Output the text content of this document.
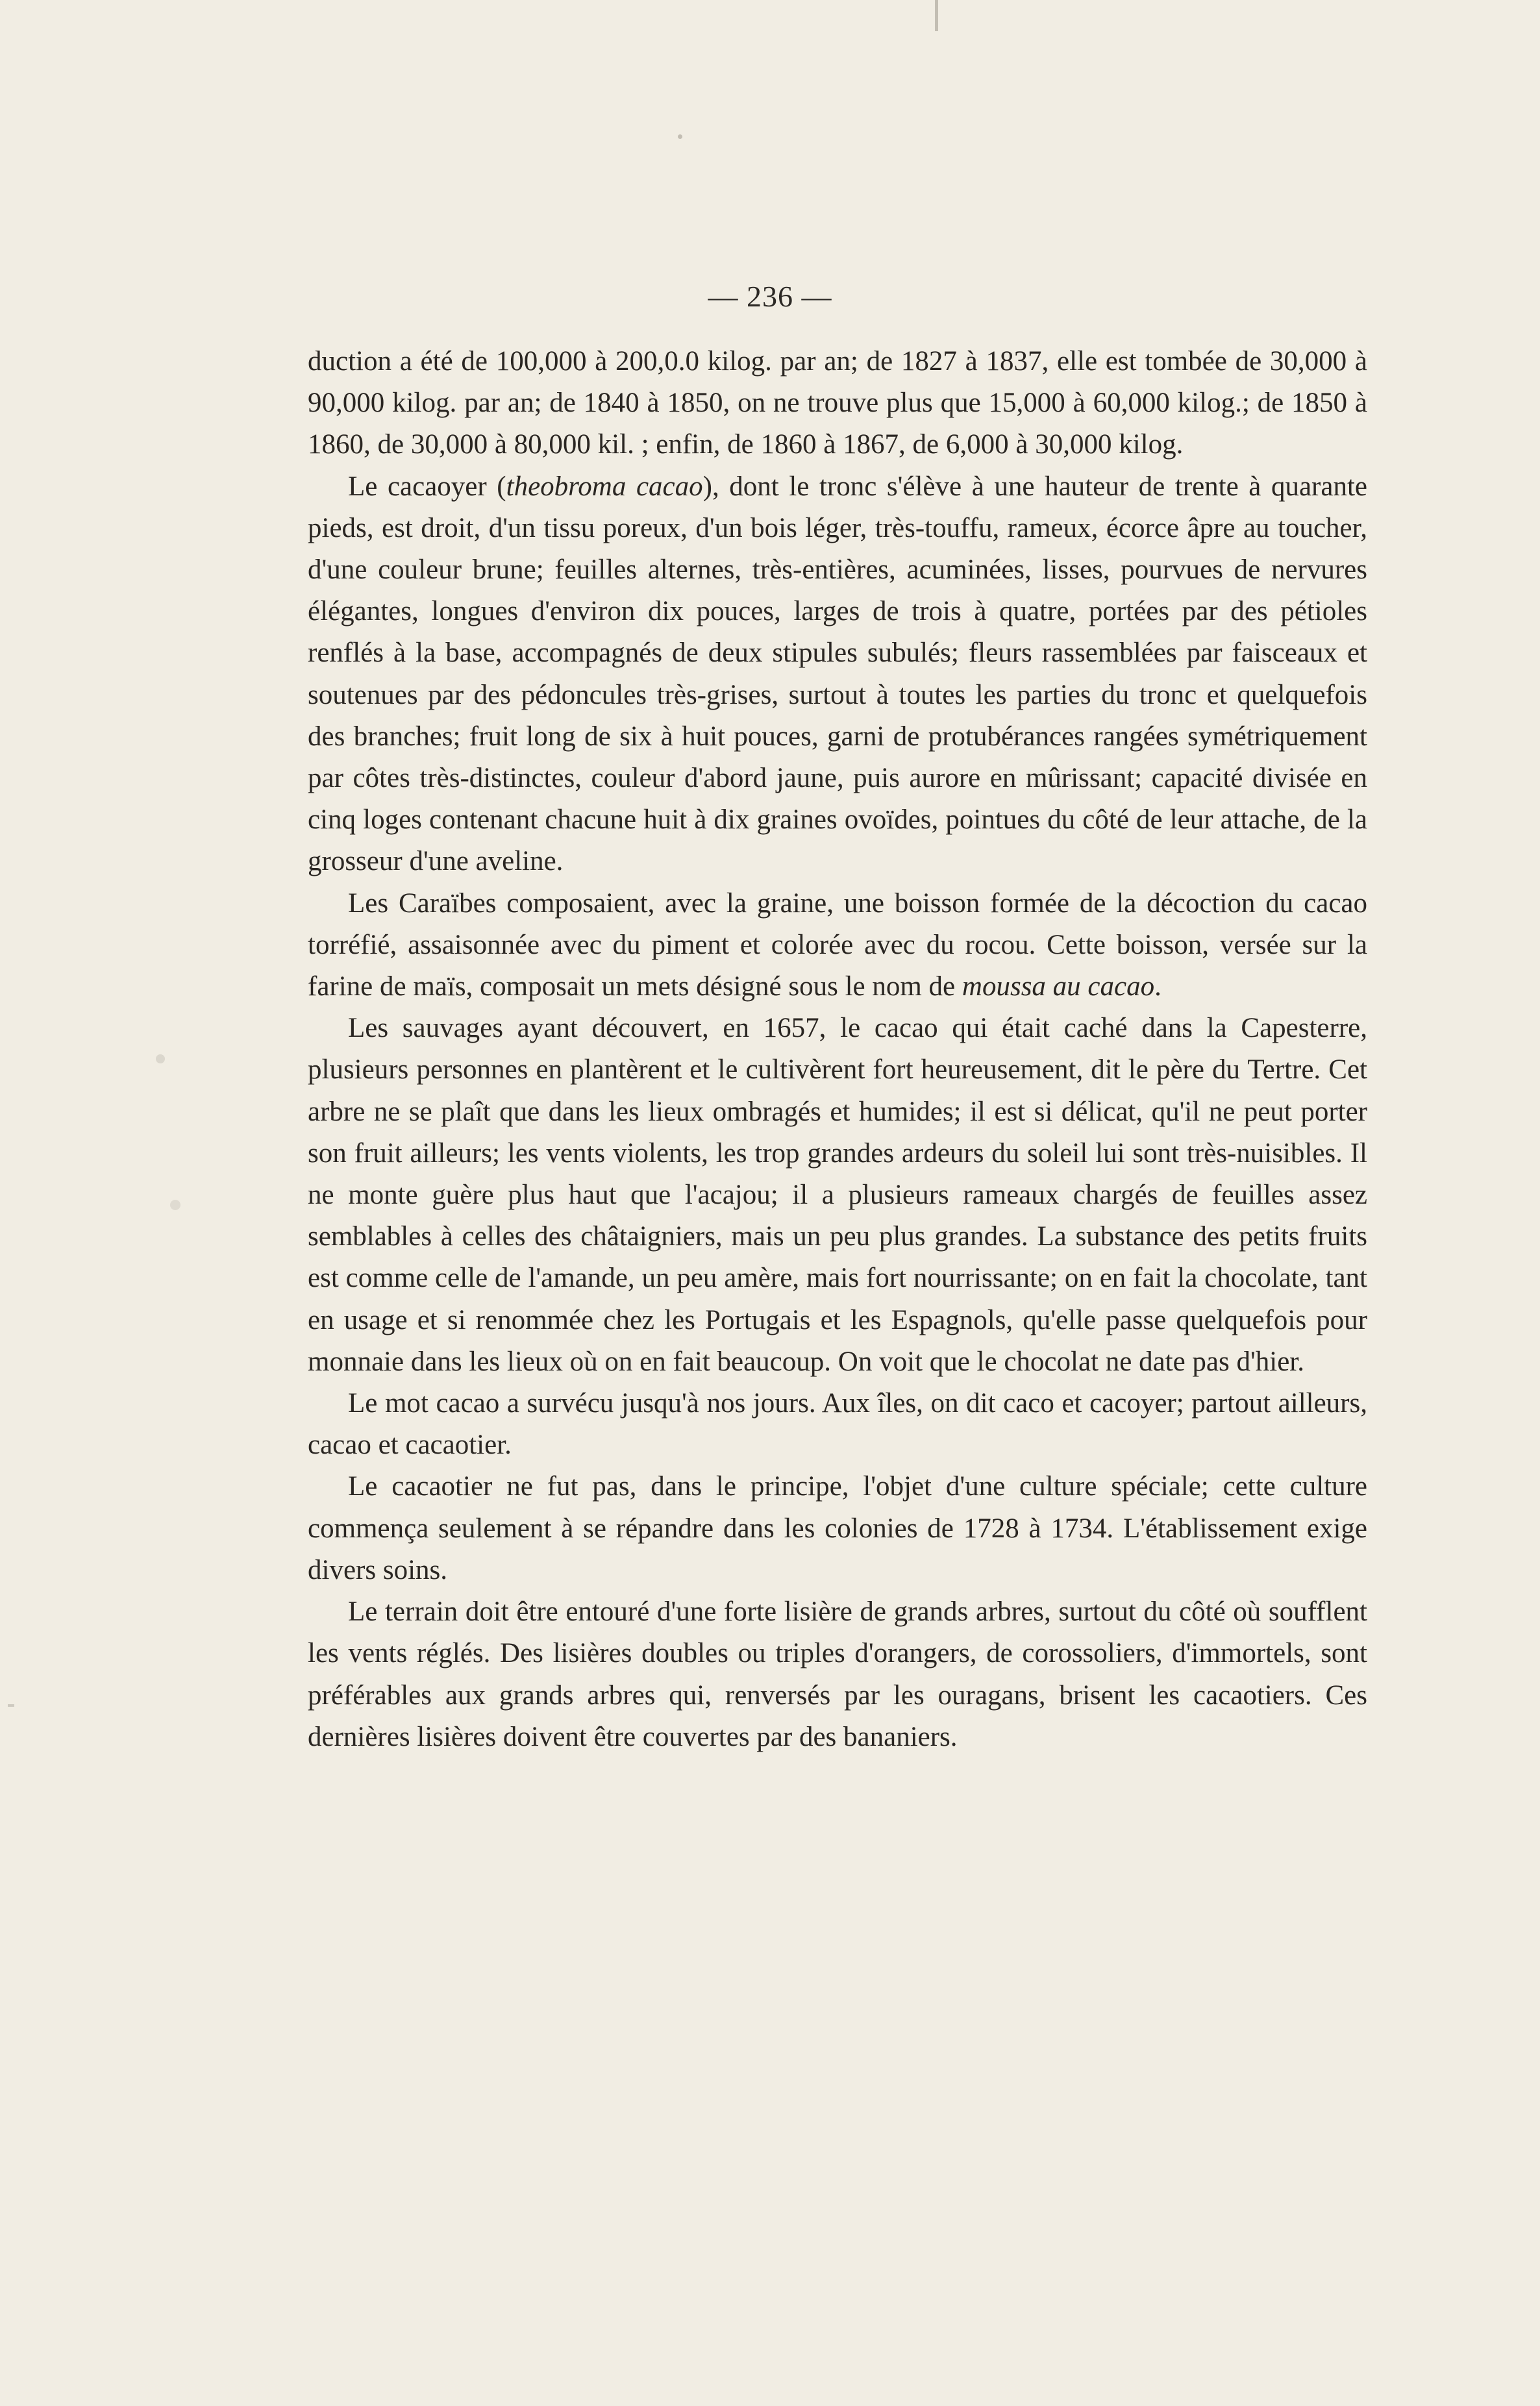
— 236 —

duction a été de 100,000 à 200,0.0 kilog. par an; de 1827 à 1837, elle est tombée de 30,000 à 90,000 kilog. par an; de 1840 à 1850, on ne trouve plus que 15,000 à 60,000 kilog.; de 1850 à 1860, de 30,000 à 80,000 kil. ; enfin, de 1860 à 1867, de 6,000 à 30,000 kilog.

Le cacaoyer (theobroma cacao), dont le tronc s'élève à une hauteur de trente à quarante pieds, est droit, d'un tissu poreux, d'un bois léger, très-touffu, rameux, écorce âpre au toucher, d'une couleur brune; feuilles alternes, très-entières, acuminées, lisses, pourvues de nervures élégantes, longues d'environ dix pouces, larges de trois à quatre, portées par des pétioles renflés à la base, accompagnés de deux stipules subulés; fleurs rassemblées par faisceaux et soutenues par des pédoncules très-grises, surtout à toutes les parties du tronc et quelquefois des branches; fruit long de six à huit pouces, garni de protubérances rangées symétriquement par côtes très-distinctes, couleur d'abord jaune, puis aurore en mûrissant; capacité divisée en cinq loges contenant chacune huit à dix graines ovoïdes, pointues du côté de leur attache, de la grosseur d'une aveline.

Les Caraïbes composaient, avec la graine, une boisson formée de la décoction du cacao torréfié, assaisonnée avec du piment et colorée avec du rocou. Cette boisson, versée sur la farine de maïs, composait un mets désigné sous le nom de moussa au cacao.

Les sauvages ayant découvert, en 1657, le cacao qui était caché dans la Capesterre, plusieurs personnes en plantèrent et le cultivèrent fort heureusement, dit le père du Tertre. Cet arbre ne se plaît que dans les lieux ombragés et humides; il est si délicat, qu'il ne peut porter son fruit ailleurs; les vents violents, les trop grandes ardeurs du soleil lui sont très-nuisibles. Il ne monte guère plus haut que l'acajou; il a plusieurs rameaux chargés de feuilles assez semblables à celles des châtaigniers, mais un peu plus grandes. La substance des petits fruits est comme celle de l'amande, un peu amère, mais fort nourrissante; on en fait la chocolate, tant en usage et si renommée chez les Portugais et les Espagnols, qu'elle passe quelquefois pour monnaie dans les lieux où on en fait beaucoup. On voit que le chocolat ne date pas d'hier.

Le mot cacao a survécu jusqu'à nos jours. Aux îles, on dit caco et cacoyer; partout ailleurs, cacao et cacaotier.

Le cacaotier ne fut pas, dans le principe, l'objet d'une culture spéciale; cette culture commença seulement à se répandre dans les colonies de 1728 à 1734. L'établissement exige divers soins.

Le terrain doit être entouré d'une forte lisière de grands arbres, surtout du côté où soufflent les vents réglés. Des lisières doubles ou triples d'orangers, de corossoliers, d'immortels, sont préférables aux grands arbres qui, renversés par les ouragans, brisent les cacaotiers. Ces dernières lisières doivent être couvertes par des bananiers.
